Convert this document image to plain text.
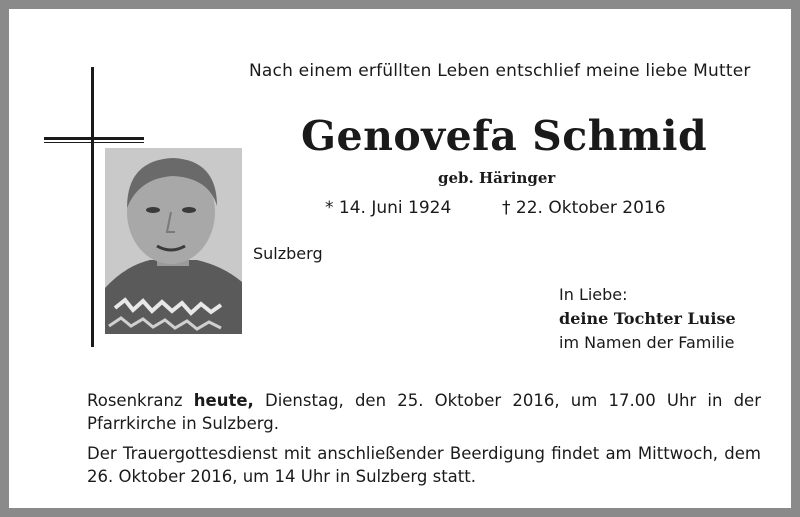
Nach einem erfüllten Leben entschlief meine liebe Mutter
Genovefa Schmid
geb. Häringer
* 14. Juni 1924	† 22. Oktober 2016
Sulzberg
In Liebe:
deine Tochter Luise
im Namen der Familie
Rosenkranz heute, Dienstag, den 25. Oktober 2016, um 17.00 Uhr in der Pfarrkirche in Sulzberg.
Der Trauergottesdienst mit anschließender Beerdigung findet am Mittwoch, dem 26. Oktober 2016, um 14 Uhr in Sulzberg statt.
